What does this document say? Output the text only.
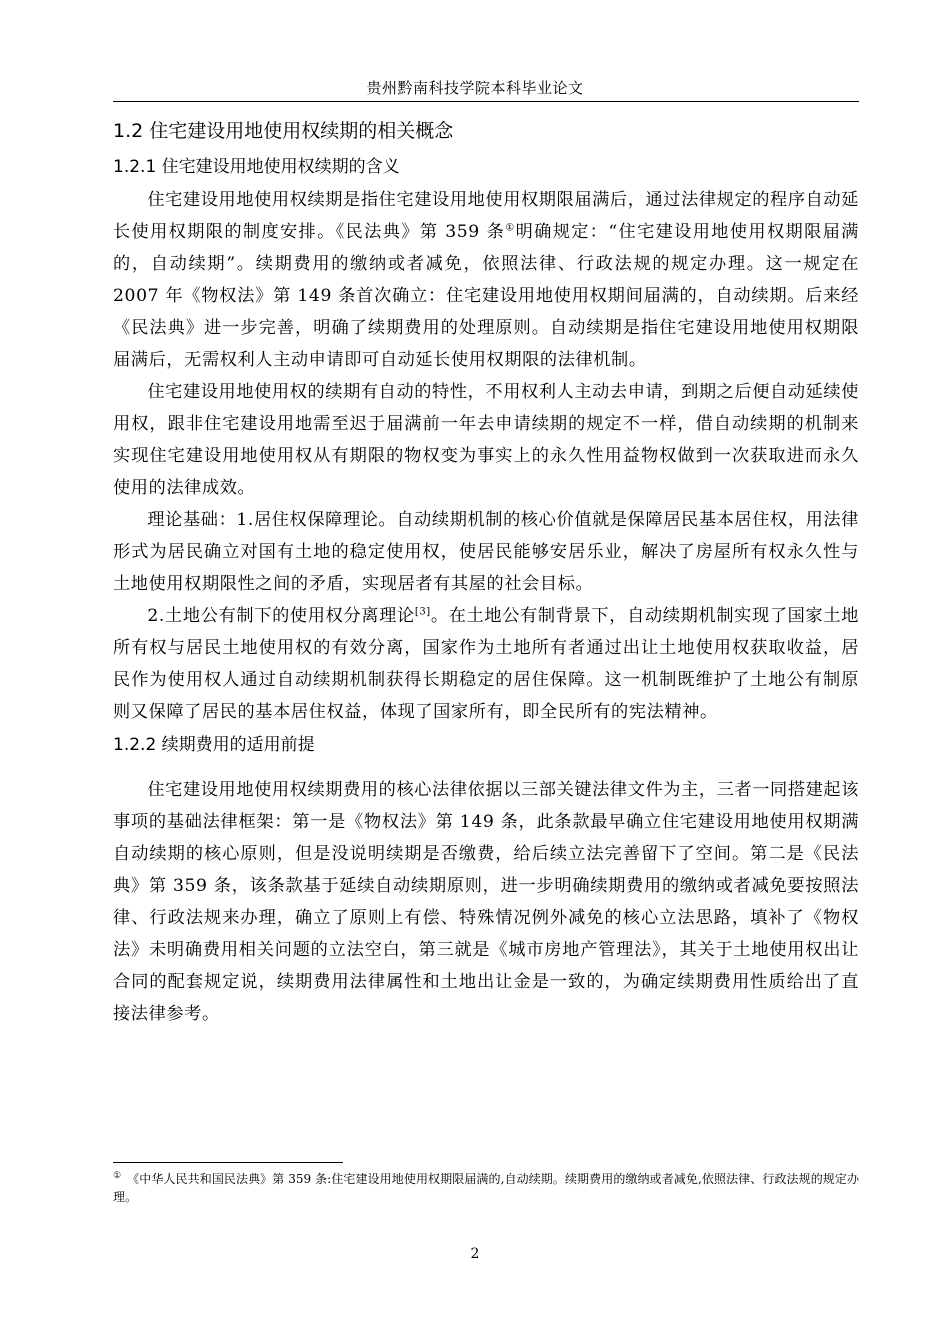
贵州黔南科技学院本科毕业论文
1.2 住宅建设用地使用权续期的相关概念
1.2.1 住宅建设用地使用权续期的含义

住宅建设用地使用权续期是指住宅建设用地使用权期限届满后，通过法律规定的程序自动延长使用权期限的制度安排。《民法典》第 359 条①明确规定：“住宅建设用地使用权期限届满的，自动续期”。续期费用的缴纳或者减免，依照法律、行政法规的规定办理。这一规定在 2007 年《物权法》第 149 条首次确立：住宅建设用地使用权期间届满的，自动续期。后来经《民法典》进一步完善，明确了续期费用的处理原则。自动续期是指住宅建设用地使用权期限届满后，无需权利人主动申请即可自动延长使用权期限的法律机制。

住宅建设用地使用权的续期有自动的特性，不用权利人主动去申请，到期之后便自动延续使用权，跟非住宅建设用地需至迟于届满前一年去申请续期的规定不一样，借自动续期的机制来实现住宅建设用地使用权从有期限的物权变为事实上的永久性用益物权做到一次获取进而永久使用的法律成效。

理论基础：1.居住权保障理论。自动续期机制的核心价值就是保障居民基本居住权，用法律形式为居民确立对国有土地的稳定使用权，使居民能够安居乐业，解决了房屋所有权永久性与土地使用权期限性之间的矛盾，实现居者有其屋的社会目标。

2.土地公有制下的使用权分离理论[3]。在土地公有制背景下，自动续期机制实现了国家土地所有权与居民土地使用权的有效分离，国家作为土地所有者通过出让土地使用权获取收益，居民作为使用权人通过自动续期机制获得长期稳定的居住保障。这一机制既维护了土地公有制原则又保障了居民的基本居住权益，体现了国家所有，即全民所有的宪法精神。

1.2.2 续期费用的适用前提

住宅建设用地使用权续期费用的核心法律依据以三部关键法律文件为主，三者一同搭建起该事项的基础法律框架：第一是《物权法》第 149 条，此条款最早确立住宅建设用地使用权期满自动续期的核心原则，但是没说明续期是否缴费，给后续立法完善留下了空间。第二是《民法典》第 359 条，该条款基于延续自动续期原则，进一步明确续期费用的缴纳或者减免要按照法律、行政法规来办理，确立了原则上有偿、特殊情况例外减免的核心立法思路，填补了《物权法》未明确费用相关问题的立法空白，第三就是《城市房地产管理法》，其关于土地使用权出让合同的配套规定说，续期费用法律属性和土地出让金是一致的，为确定续期费用性质给出了直接法律参考。

① 《中华人民共和国民法典》第 359 条:住宅建设用地使用权期限届满的,自动续期。续期费用的缴纳或者减免,依照法律、行政法规的规定办理。
2
